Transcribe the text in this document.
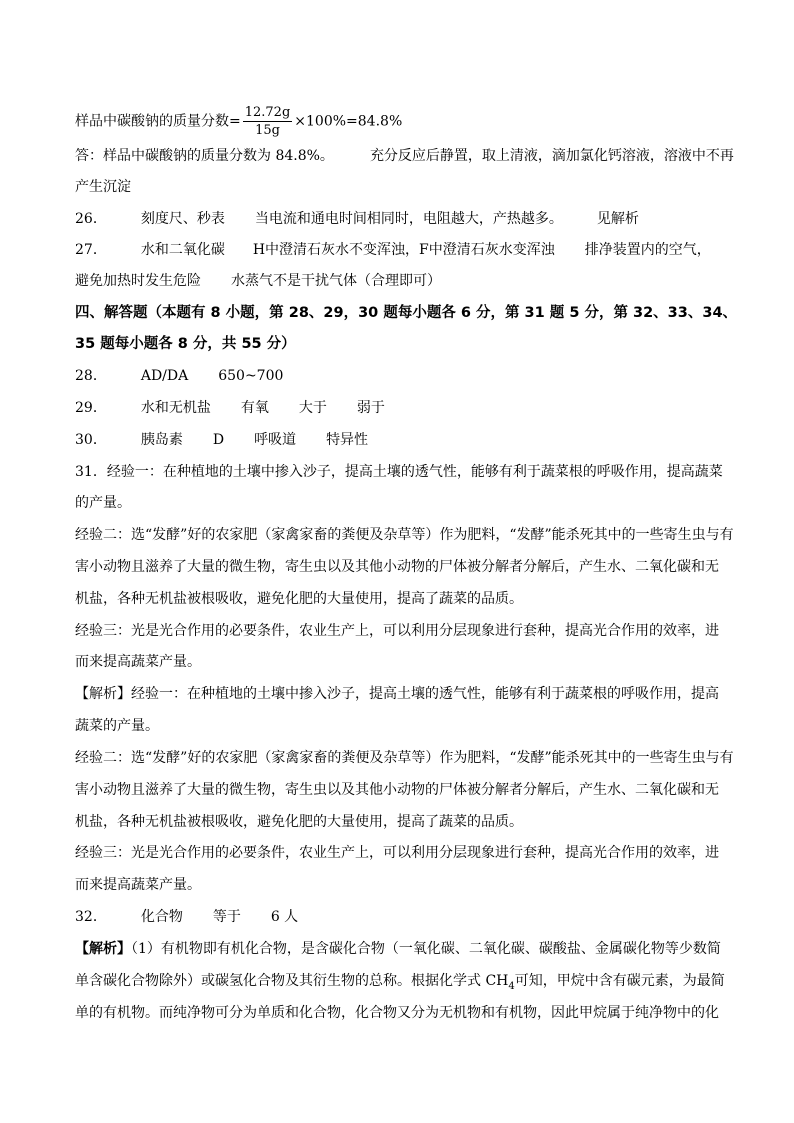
样品中碳酸钠的质量分数= $\frac{12.72g}{15g} \times 100\%=84.8\%$
答：样品中碳酸钠的质量分数为 84.8%。	充分反应后静置，取上清液，滴加氯化钙溶液，溶液中不再
产生沉淀
26． 刻度尺、秒表 当电流和通电时间相同时，电阻越大，产热越多。 见解析
27． 水和二氧化碳 H中澄清石灰水不变浑浊，F中澄清石灰水变浑浊 排净装置内的空气，
避免加热时发生危险 水蒸气不是干扰气体（合理即可）
四、解答题（本题有 8 小题，第 28、29，30 题每小题各 6 分，第 31 题 5 分，第 32、33、34、
35 题每小题各 8 分，共 55 分）
28． AD/DA 650~700
29． 水和无机盐 有氧 大于 弱于
30． 胰岛素 D 呼吸道 特异性
31．经验一：在种植地的土壤中掺入沙子，提高土壤的透气性，能够有利于蔬菜根的呼吸作用，提高蔬菜
的产量。
经验二：选“发酵”好的农家肥（家禽家畜的粪便及杂草等）作为肥料，“发酵”能杀死其中的一些寄生虫与有
害小动物且滋养了大量的微生物，寄生虫以及其他小动物的尸体被分解者分解后，产生水、二氧化碳和无
机盐，各种无机盐被根吸收，避免化肥的大量使用，提高了蔬菜的品质。
经验三：光是光合作用的必要条件，农业生产上，可以利用分层现象进行套种，提高光合作用的效率，进
而来提高蔬菜产量。
【解析】经验一：在种植地的土壤中掺入沙子，提高土壤的透气性，能够有利于蔬菜根的呼吸作用，提高
蔬菜的产量。
经验二：选“发酵”好的农家肥（家禽家畜的粪便及杂草等）作为肥料，“发酵”能杀死其中的一些寄生虫与有
害小动物且滋养了大量的微生物，寄生虫以及其他小动物的尸体被分解者分解后，产生水、二氧化碳和无
机盐，各种无机盐被根吸收，避免化肥的大量使用，提高了蔬菜的品质。
经验三：光是光合作用的必要条件，农业生产上，可以利用分层现象进行套种，提高光合作用的效率，进
而来提高蔬菜产量。
32． 化合物 等于 6 人
【解析】（1）有机物即有机化合物，是含碳化合物（一氧化碳、二氧化碳、碳酸盐、金属碳化物等少数简
单含碳化合物除外）或碳氢化合物及其衍生物的总称。根据化学式 $CH_4$可知，甲烷中含有碳元素，为最简
单的有机物。而纯净物可分为单质和化合物，化合物又分为无机物和有机物，因此甲烷属于纯净物中的化
